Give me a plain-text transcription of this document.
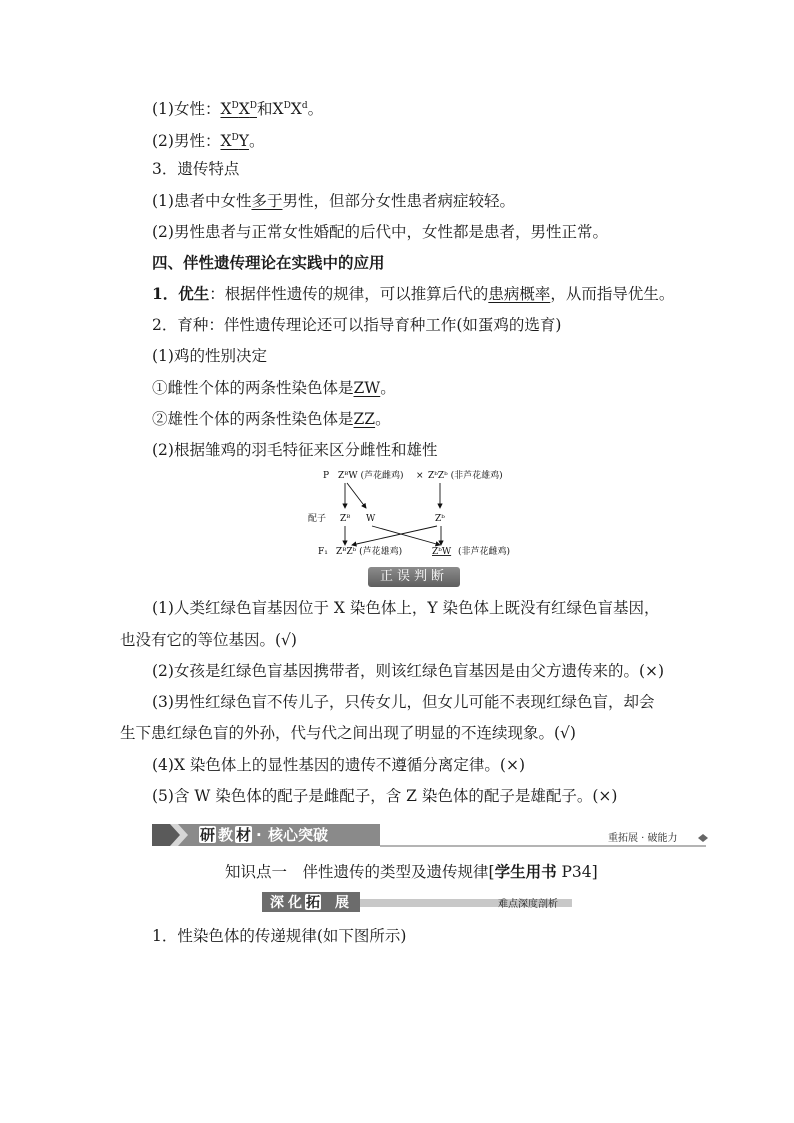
(1)女性：$X^DX^D$和$X^DX^d$。
(2)男性：$X^DY$。
3．遗传特点
(1)患者中女性多于男性，但部分女性患者病症较轻。
(2)男性患者与正常女性婚配的后代中，女性都是患者，男性正常。
四、伴性遗传理论在实践中的应用
1．优生：根据伴性遗传的规律，可以推算后代的患病概率，从而指导优生。
2．育种：伴性遗传理论还可以指导育种工作(如蛋鸡的选育)
(1)鸡的性别决定
①雌性个体的两条性染色体是ZW。
②雄性个体的两条性染色体是ZZ。
(2)根据雏鸡的羽毛特征来区分雌性和雄性
P ZᴮW (芦花雌鸡) × ZᵇZᵇ (非芦花雄鸡)
配子 Zᴮ W	Zᵇ
F₁ ZᴮZᵇ (芦花雄鸡)	ZᵇW (非芦花雌鸡)
正误判断
(1)人类红绿色盲基因位于 X 染色体上，Y 染色体上既没有红绿色盲基因，
也没有它的等位基因。(√)
(2)女孩是红绿色盲基因携带者，则该红绿色盲基因是由父方遗传来的。(×)
(3)男性红绿色盲不传儿子，只传女儿，但女儿可能不表现红绿色盲，却会
生下患红绿色盲的外孙，代与代之间出现了明显的不连续现象。(√)
(4)X 染色体上的显性基因的遗传不遵循分离定律。(×)
(5)含 W 染色体的配子是雌配子，含 Z 染色体的配子是雄配子。(×)
研 教 材 · 核心突破	重拓展 · 破能力
知识点一　伴性遗传的类型及遗传规律[学生用书 P34]
深 化 拓 展	难点深度剖析
1．性染色体的传递规律(如下图所示)
